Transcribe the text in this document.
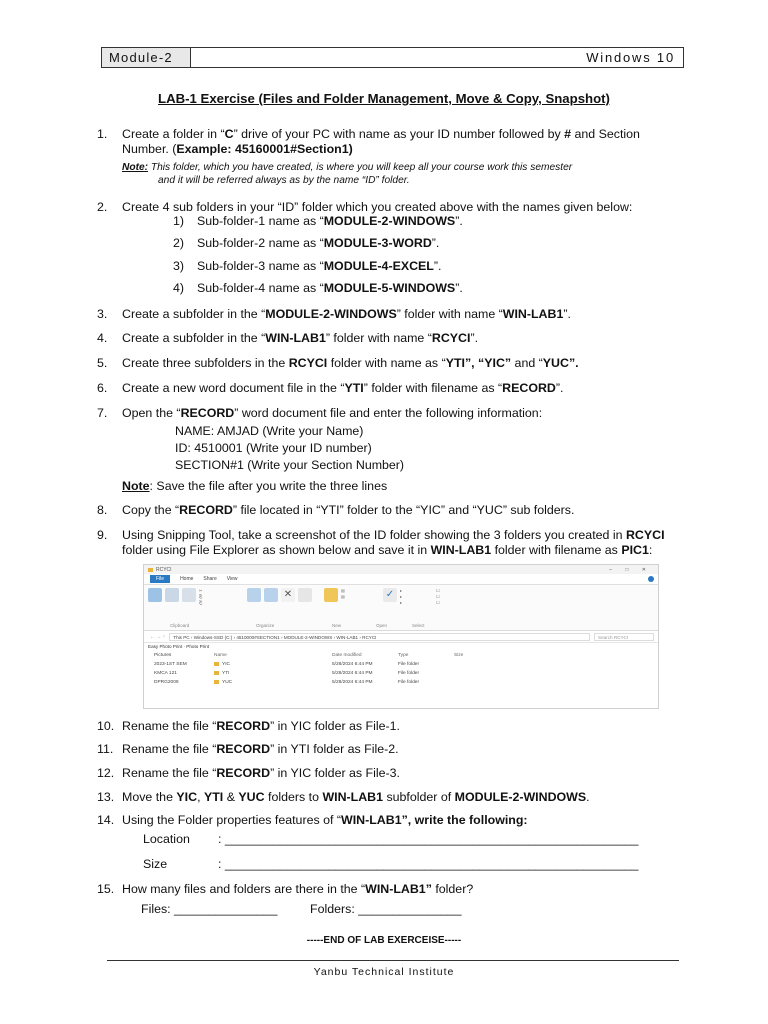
Module-2	Windows 10
LAB-1 Exercise (Files and Folder Management, Move & Copy, Snapshot)
1. Create a folder in “C” drive of your PC with name as your ID number followed by # and Section
Number. (Example: 45160001#Section1)
Note: This folder, which you have created, is where you will keep all your course work this semester
and it will be referred always as by the name “ID” folder.
2. Create 4 sub folders in your “ID” folder which you created above with the names given below:
1) Sub-folder-1 name as “MODULE-2-WINDOWS”.
2) Sub-folder-2 name as “MODULE-3-WORD”.
3) Sub-folder-3 name as “MODULE-4-EXCEL”.
4) Sub-folder-4 name as “MODULE-5-WINDOWS”.
3. Create a subfolder in the “MODULE-2-WINDOWS” folder with name “WIN-LAB1”.
4. Create a subfolder in the “WIN-LAB1” folder with name “RCYCI”.
5. Create three subfolders in the RCYCI folder with name as “YTI”, “YIC” and “YUC”.
6. Create a new word document file in the “YTI” folder with filename as “RECORD”.
7. Open the “RECORD” word document file and enter the following information:
NAME: AMJAD (Write your Name)
ID: 4510001 (Write your ID number)
SECTION#1 (Write your Section Number)
Note: Save the file after you write the three lines
8. Copy the “RECORD” file located in “YTI” folder to the “YIC” and “YUC” sub folders.
9. Using Snipping Tool, take a screenshot of the ID folder showing the 3 folders you created in RCYCI
folder using File Explorer as shown below and save it in WIN-LAB1 folder with filename as PIC1:
RCYCI	– □ ✕
File	Home Share View
✂
⎘
⎗
✕	▤
▤	✓	▸
▸
▸
☐
☐
☐
Clipboard	Organize	New	Open	Select
← → ↑	This PC › Windows-SSD (C:) › 4510000#SECTION1 › MODULE-2-WINDOWS › WIN-LAB1 › RCYCI	Search RCYCI
Easy Photo Print · Photo Print
Pictures
2023-1ST SEM
KMCA 121
DPRG2009
Name	Date modified	Type	Size
YIC	5/28/2024 6:44 PM	File folder
YTI	5/28/2024 6:44 PM	File folder
YUC	5/28/2024 6:44 PM	File folder
10. Rename the file “RECORD” in YIC folder as File-1.
11. Rename the file “RECORD” in YTI folder as File-2.
12. Rename the file “RECORD” in YIC folder as File-3.
13. Move the YIC, YTI & YUC folders to WIN-LAB1 subfolder of MODULE-2-WINDOWS.
14. Using the Folder properties features of “WIN-LAB1”, write the following:
Location : ____________________________________________________________
Size	: ____________________________________________________________
15. How many files and folders are there in the “WIN-LAB1” folder?
Files: _______________	Folders: _______________
-----END OF LAB EXERCEISE-----
Yanbu Technical Institute
